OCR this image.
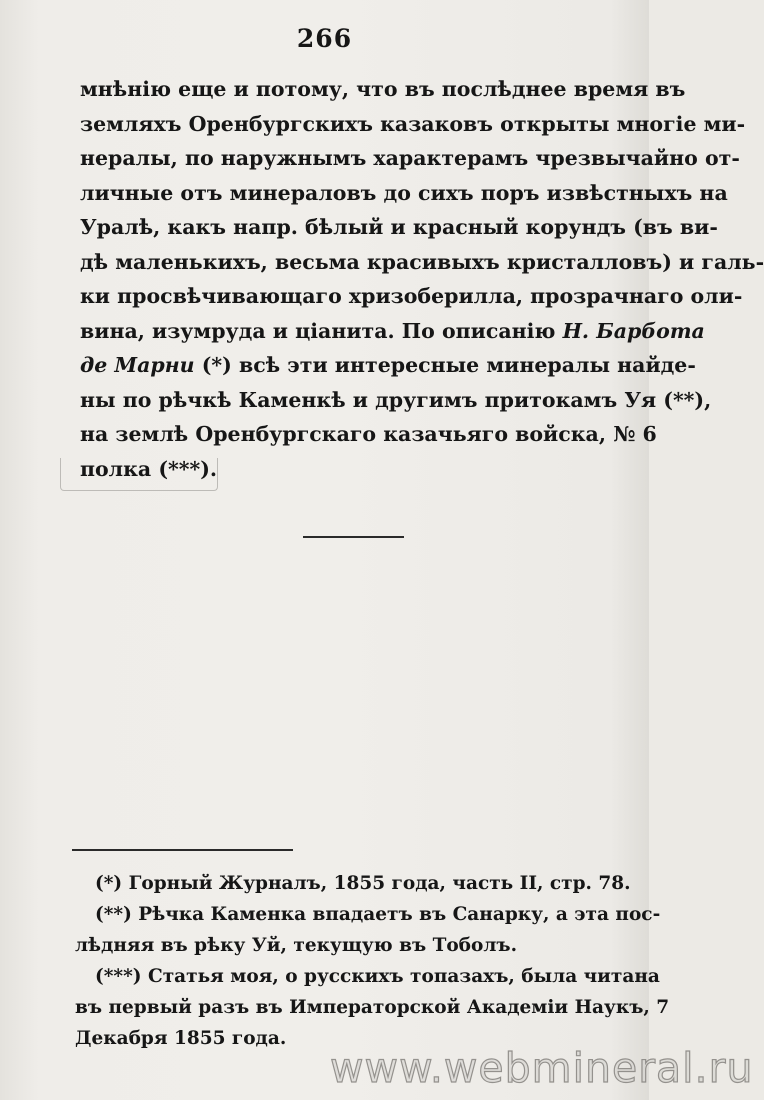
266
мнѣнію еще и потому, что въ послѣднее время въ
земляхъ Оренбургскихъ казаковъ открыты многіе ми-
нералы, по наружнымъ характерамъ чрезвычайно от-
личные отъ минераловъ до сихъ поръ извѣстныхъ на
Уралѣ, какъ напр. бѣлый и красный корундъ (въ ви-
дѣ маленькихъ, весьма красивыхъ кристалловъ) и галь-
ки просвѣчивающаго хризоберилла, прозрачнаго оли-
вина, изумруда и ціанита. По описанію Н. Барбота
де Марни (*) всѣ эти интересные минералы найде-
ны по рѣчкѣ Каменкѣ и другимъ притокамъ Уя (**),
на землѣ Оренбургскаго казачьяго войска, № 6
полка (***).
(*) Горный Журналъ, 1855 года, часть II, стр. 78.
(**) Рѣчка Каменка впадаетъ въ Санарку, а эта пос-
лѣдняя въ рѣку Уй, текущую въ Тоболъ.
(***) Статья моя, о русскихъ топазахъ, была читана
въ первый разъ въ Императорской Академіи Наукъ, 7
Декабря 1855 года.
www.webmineral.ru
